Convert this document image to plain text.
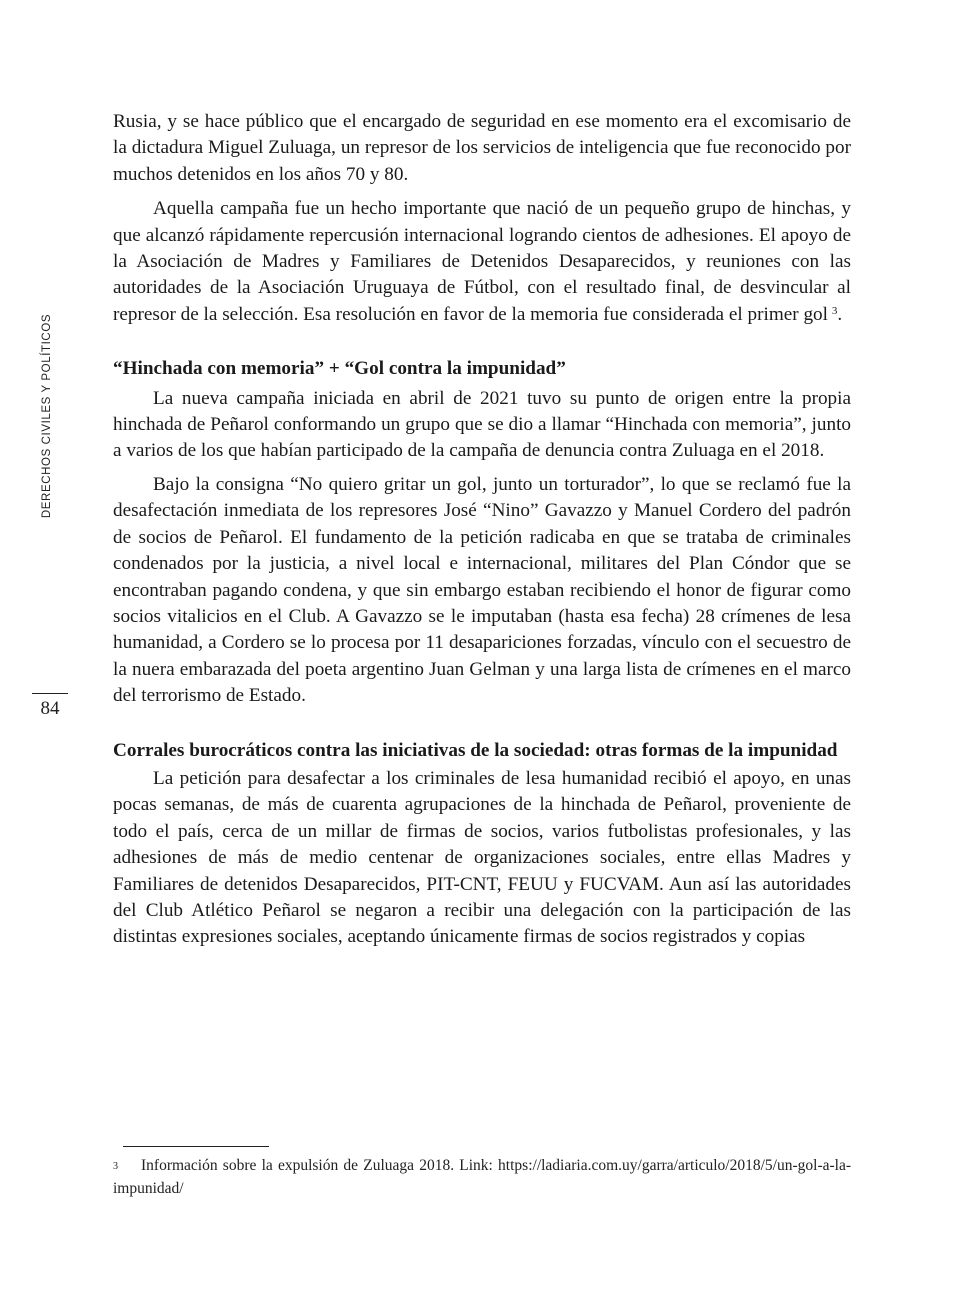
DERECHOS CIVILES Y POLÍTICOS
84

Rusia, y se hace público que el encargado de seguridad en ese momento era el excomisario de la dictadura Miguel Zuluaga, un represor de los servicios de inteligencia que fue reconocido por muchos detenidos en los años 70 y 80.

Aquella campaña fue un hecho importante que nació de un pequeño grupo de hinchas, y que alcanzó rápidamente repercusión internacional logrando cientos de adhesiones. El apoyo de la Asociación de Madres y Familiares de Detenidos Desaparecidos, y reuniones con las autoridades de la Asociación Uruguaya de Fútbol, con el resultado final, de desvincular al represor de la selección. Esa resolución en favor de la memoria fue considerada el primer gol  $^3$.

“Hinchada con memoria” + “Gol contra la impunidad”

La nueva campaña iniciada en abril de 2021 tuvo su punto de origen entre la propia hinchada de Peñarol conformando un grupo que se dio a llamar “Hinchada con memoria”, junto a varios de los que habían participado de la campaña de denuncia contra Zuluaga en el 2018.

Bajo la consigna “No quiero gritar un gol, junto un torturador”, lo que se reclamó fue la desafectación inmediata de los represores José “Nino” Gavazzo y Manuel Cordero del padrón de socios de Peñarol. El fundamento de la petición radicaba en que se trataba de criminales condenados por la justicia, a nivel local e internacional, militares del Plan Cóndor que se encontraban pagando condena, y que sin embargo estaban recibiendo el honor de figurar como socios vitalicios en el Club. A Gavazzo se le imputaban (hasta esa fecha) 28 crímenes de lesa humanidad, a Cordero se lo procesa por 11 desapariciones forzadas, vínculo con el secuestro de la nuera embarazada del poeta argentino Juan Gelman y una larga lista de crímenes en el marco del terrorismo de Estado.

Corrales burocráticos contra las iniciativas de la sociedad: otras formas de la impunidad

La petición para desafectar a los criminales de lesa humanidad recibió el apoyo, en unas pocas semanas, de más de cuarenta agrupaciones de la hinchada de Peñarol, proveniente de todo el país, cerca de un millar de firmas de socios, varios futbolistas profesionales, y las adhesiones de más de medio centenar de organizaciones sociales, entre ellas Madres y Familiares de detenidos Desaparecidos, PIT-CNT, FEUU y FUCVAM. Aun así las autoridades del Club Atlético Peñarol se negaron a recibir una delegación con la participación de las distintas expresiones sociales, aceptando únicamente firmas de socios registrados y copias

3 Información sobre la expulsión de Zuluaga 2018. Link: https://ladiaria.com.uy/garra/articulo/2018/5/un-gol-a-la-impunidad/
